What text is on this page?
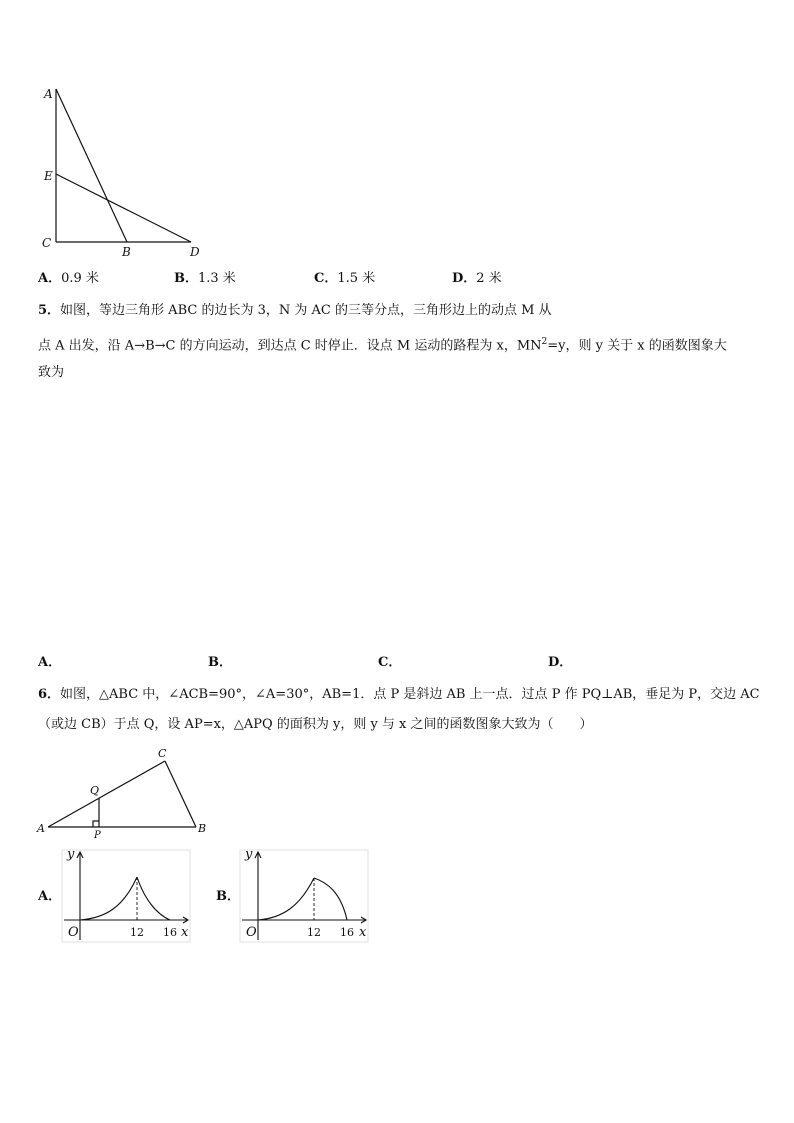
A
E
C
B	D
A．0.9 米	B．1.3 米	C．1.5 米	D．2 米
5．如图，等边三角形 ABC 的边长为 3，N 为 AC 的三等分点，三角形边上的动点 M 从
点 A 出发，沿 A→B→C 的方向运动，到达点 C 时停止．设点 M 运动的路程为 x，$MN^2=y$，则 y 关于 x 的函数图象大
致为
A．	B．	C．	D．
6．如图，△ABC 中，∠ACB=90°，∠A=30°，AB=1．点 P 是斜边 AB 上一点．过点 P 作 PQ⊥AB，垂足为 P，交边 AC
（或边 CB）于点 Q，设 AP=x，△APQ 的面积为 y，则 y 与 x 之间的函数图象大致为（　　）
C
Q
A
P
B
A．
y
x
O	12 16
B．
y
x
O	12 16
